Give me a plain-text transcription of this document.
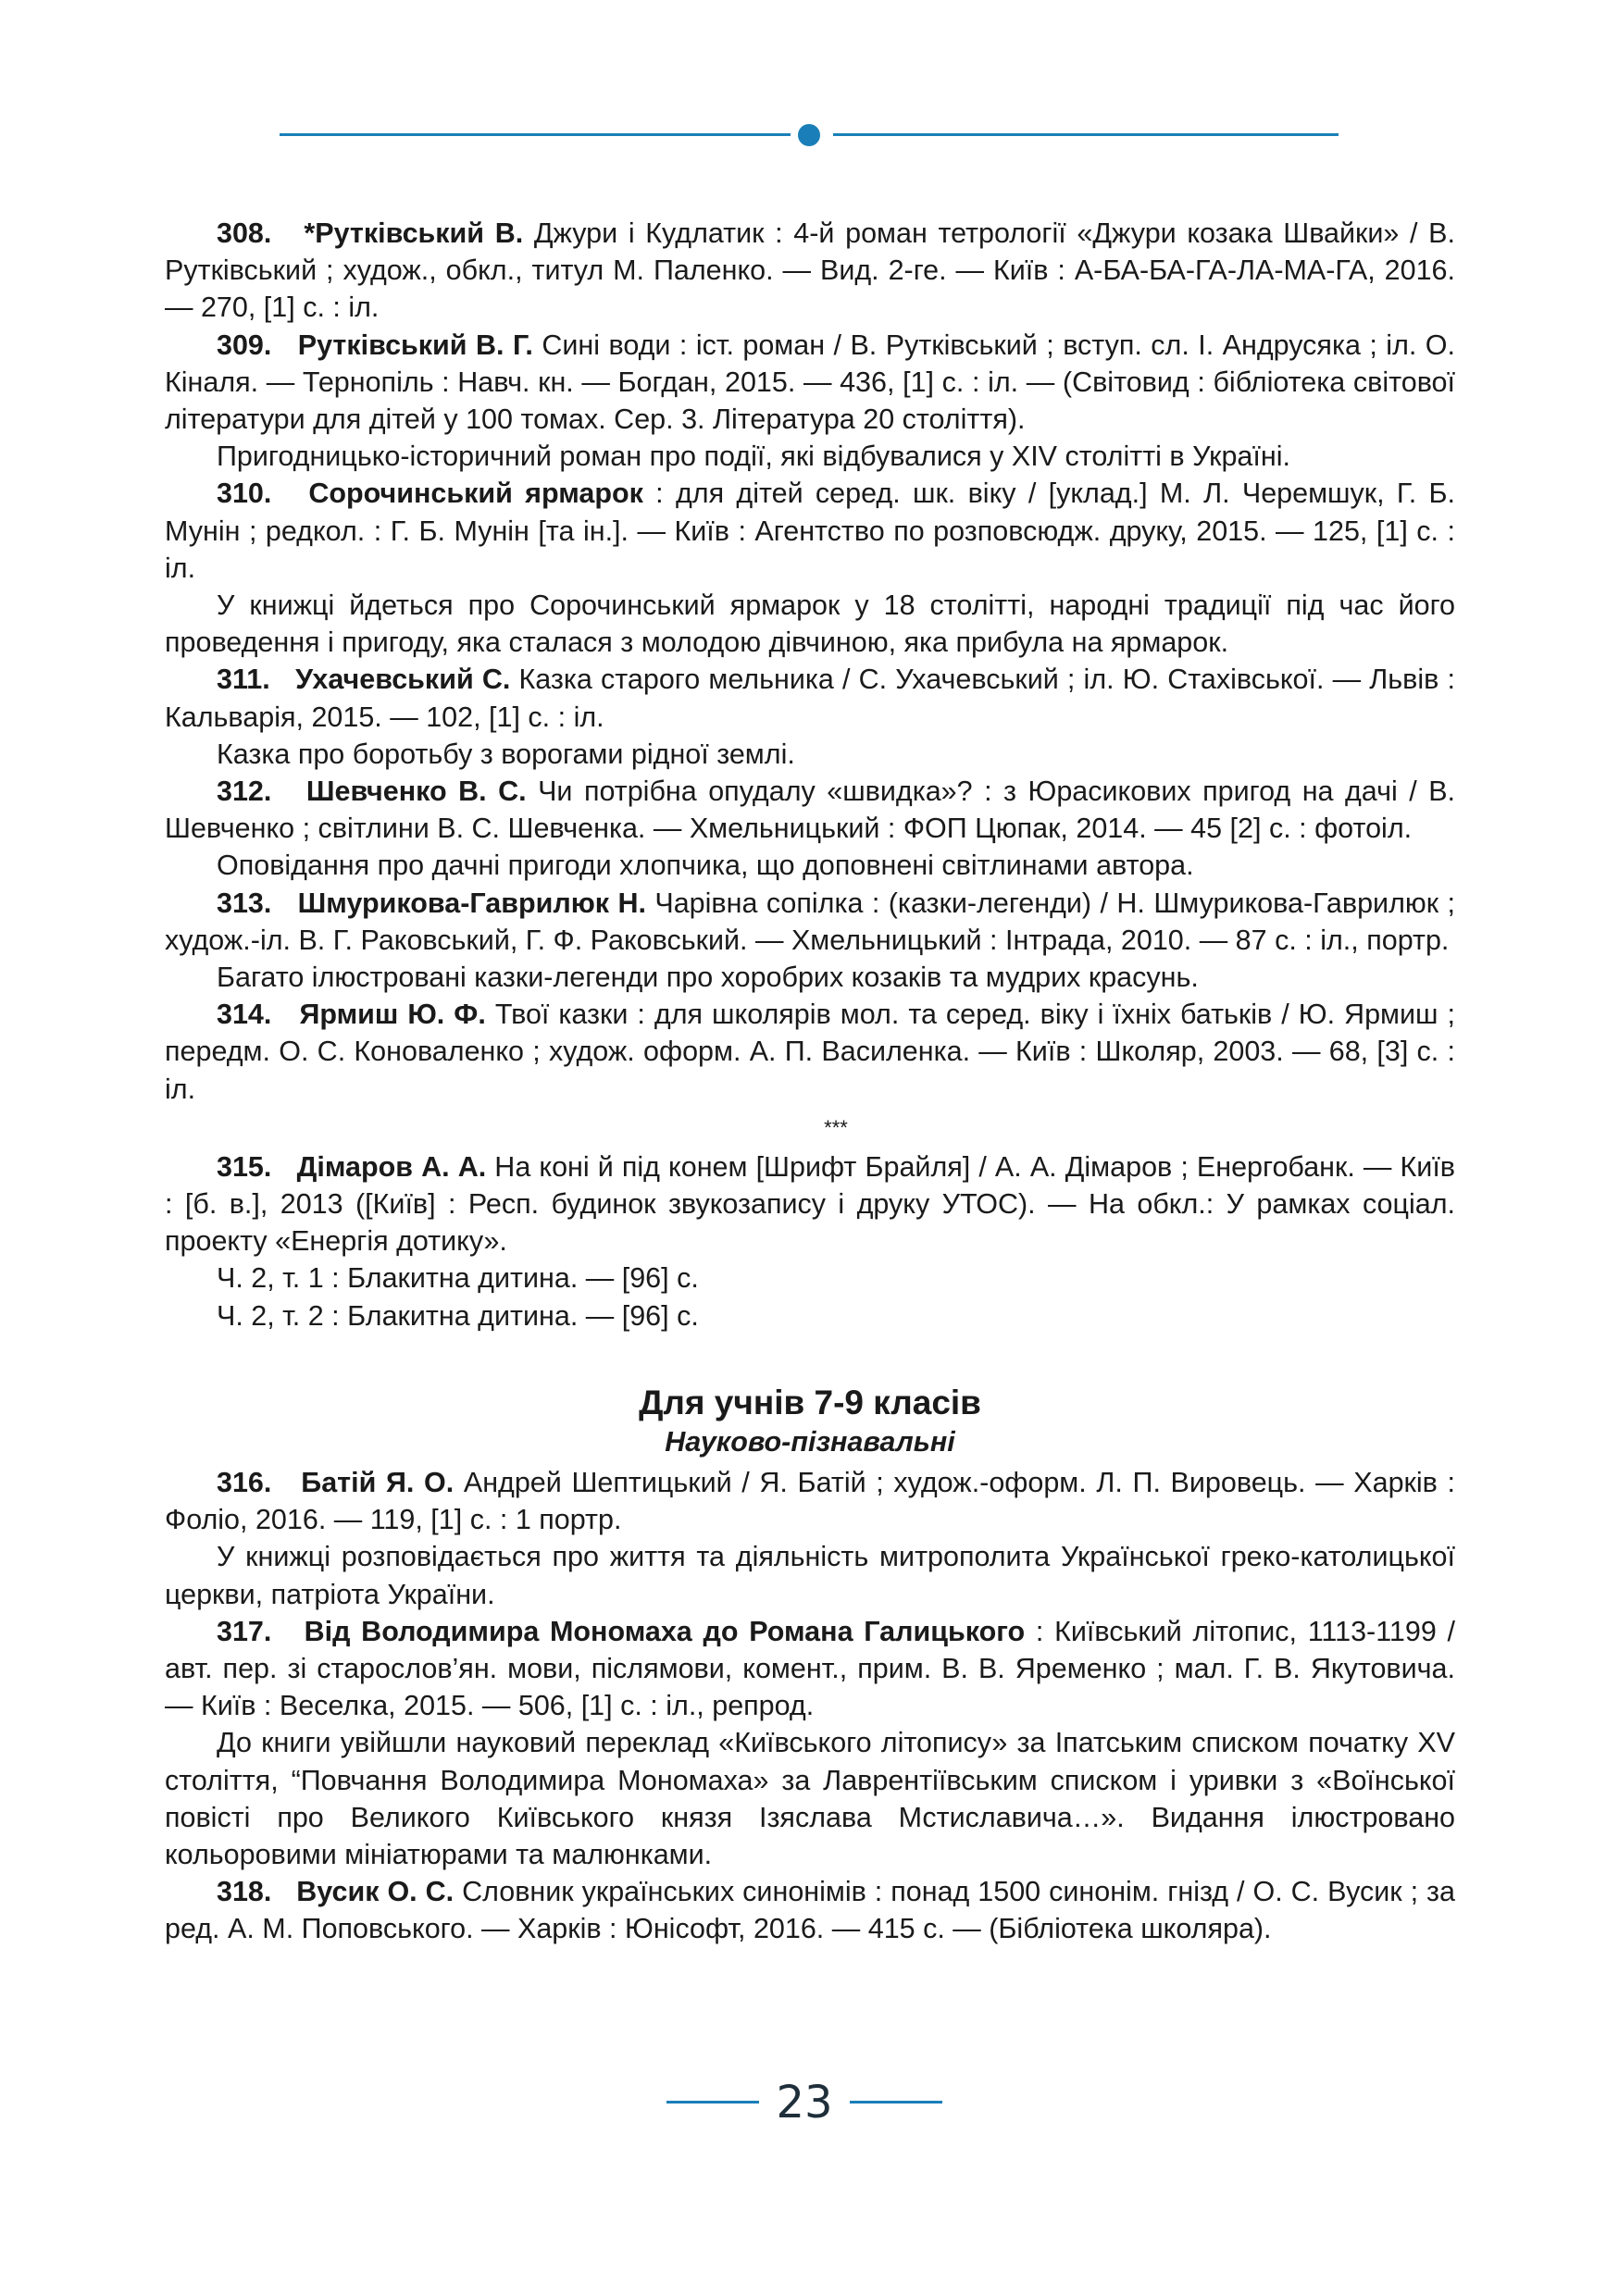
308. *Рутківський В. Джури і Кудлатик : 4-й роман тетрології «Джури козака Швайки» / В. Рутківський ; худож., обкл., титул М. Паленко. — Вид. 2-ге. — Київ : А-БА-БА-ГА-ЛА-МА-ГА, 2016. — 270, [1] с. : іл.

309. Рутківський В. Г. Сині води : іст. роман / В. Рутківський ; вступ. сл. І. Андрусяка ; іл. О. Кіналя. — Тернопіль : Навч. кн. — Богдан, 2015. — 436, [1] с. : іл. — (Світовид : бібліотека світової літератури для дітей у 100 томах. Сер. 3. Література 20 століття).

Пригодницько-історичний роман про події, які відбувалися у XIV столітті в Україні.

310. Сорочинський ярмарок : для дітей серед. шк. віку / [уклад.] М. Л. Черемшук, Г. Б. Мунін ; редкол. : Г. Б. Мунін [та ін.]. — Київ : Агентство по розповсюдж. друку, 2015. — 125, [1] с. : іл.

У книжці йдеться про Сорочинський ярмарок у 18 столітті, народні традиції під час його проведення і пригоду, яка сталася з молодою дівчиною, яка прибула на ярмарок.

311. Ухачевський С. Казка старого мельника / С. Ухачевський ; іл. Ю. Стахівської. — Львів : Кальварія, 2015. — 102, [1] с. : іл.

Казка про боротьбу з ворогами рідної землі.

312. Шевченко В. С. Чи потрібна опудалу «швидка»? : з Юрасикових пригод на дачі / В. Шевченко ; світлини В. С. Шевченка. — Хмельницький : ФОП Цюпак, 2014. — 45 [2] с. : фотоіл.

Оповідання про дачні пригоди хлопчика, що доповнені світлинами автора.

313. Шмурикова-Гаврилюк Н. Чарівна сопілка : (казки-легенди) / Н. Шмурикова-Гаврилюк ; худож.-іл. В. Г. Раковський, Г. Ф. Раковський. — Хмельницький : Інтрада, 2010. — 87 с. : іл., портр.

Багато ілюстровані казки-легенди про хоробрих козаків та мудрих красунь.

314. Ярмиш Ю. Ф. Твої казки : для школярів мол. та серед. віку і їхніх батьків / Ю. Ярмиш ; передм. О. С. Коноваленко ; худож. оформ. А. П. Василенка. — Київ : Школяр, 2003. — 68, [3] с. : іл.

***

315. Дімаров А. А. На коні й під конем [Шрифт Брайля] / А. А. Дімаров ; Енергобанк. — Київ : [б. в.], 2013 ([Київ] : Респ. будинок звукозапису і друку УТОС). — На обкл.: У рамках соціал. проекту «Енергія дотику».

Ч. 2, т. 1 : Блакитна дитина. — [96] с.

Ч. 2, т. 2 : Блакитна дитина. — [96] с.

Для учнів 7-9 класів
Науково-пізнавальні

316. Батій Я. О. Андрей Шептицький / Я. Батій ; худож.-оформ. Л. П. Вировець. — Харків : Фоліо, 2016. — 119, [1] с. : 1 портр.

У книжці розповідається про життя та діяльність митрополита Української греко-католицької церкви, патріота України.

317. Від Володимира Мономаха до Романа Галицького : Київський літопис, 1113-1199 / авт. пер. зі старослов’ян. мови, післямови, комент., прим. В. В. Яременко ; мал. Г. В. Якутовича. — Київ : Веселка, 2015. — 506, [1] с. : іл., репрод.

До книги увійшли науковий переклад «Київського літопису» за Іпатським списком початку XV століття, “Повчання Володимира Мономаха» за Лаврентіївським списком і уривки з «Воїнської повісті про Великого Київського князя Ізяслава Мстиславича…». Видання ілюстровано кольоровими мініатюрами та малюнками.

318. Вусик О. С. Словник українських синонімів : понад 1500 синонім. гнізд / О. С. Вусик ; за ред. А. М. Поповського. — Харків : Юнісофт, 2016. — 415 с. — (Бібліотека школяра).

23
